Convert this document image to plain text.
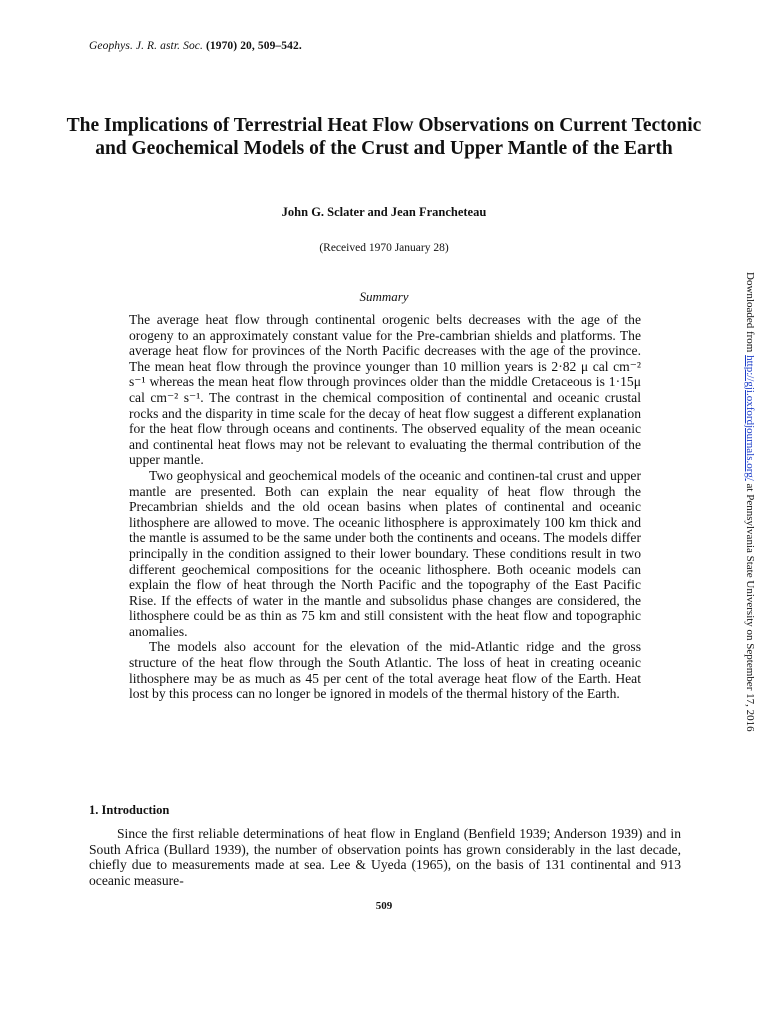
Geophys. J. R. astr. Soc. (1970) 20, 509–542.
The Implications of Terrestrial Heat Flow Observations on Current Tectonic and Geochemical Models of the Crust and Upper Mantle of the Earth
John G. Sclater and Jean Francheteau
(Received 1970 January 28)
Summary

The average heat flow through continental orogenic belts decreases with the age of the orogeny to an approximately constant value for the Pre-cambrian shields and platforms. The average heat flow for provinces of the North Pacific decreases with the age of the province. The mean heat flow through the province younger than 10 million years is 2·82 μ cal cm⁻² s⁻¹ whereas the mean heat flow through provinces older than the middle Cretaceous is 1·15μ cal cm⁻² s⁻¹. The contrast in the chemical composition of continental and oceanic crustal rocks and the disparity in time scale for the decay of heat flow suggest a different explanation for the heat flow through oceans and continents. The observed equality of the mean oceanic and continental heat flows may not be relevant to evaluating the thermal contribution of the upper mantle.

Two geophysical and geochemical models of the oceanic and continen-tal crust and upper mantle are presented. Both can explain the near equality of heat flow through the Precambrian shields and the old ocean basins when plates of continental and oceanic lithosphere are allowed to move. The oceanic lithosphere is approximately 100 km thick and the mantle is assumed to be the same under both the continents and oceans. The models differ principally in the condition assigned to their lower boundary. These conditions result in two different geochemical compositions for the oceanic lithosphere. Both oceanic models can explain the flow of heat through the North Pacific and the topography of the East Pacific Rise. If the effects of water in the mantle and subsolidus phase changes are considered, the lithosphere could be as thin as 75 km and still consistent with the heat flow and topographic anomalies.

The models also account for the elevation of the mid-Atlantic ridge and the gross structure of the heat flow through the South Atlantic. The loss of heat in creating oceanic lithosphere may be as much as 45 per cent of the total average heat flow of the Earth. Heat lost by this process can no longer be ignored in models of the thermal history of the Earth.

1. Introduction

Since the first reliable determinations of heat flow in England (Benfield 1939; Anderson 1939) and in South Africa (Bullard 1939), the number of observation points has grown considerably in the last decade, chiefly due to measurements made at sea. Lee & Uyeda (1965), on the basis of 131 continental and 913 oceanic measure-

509
Downloaded from http://gji.oxfordjournals.org/ at Pennsylvania State University on September 17, 2016
